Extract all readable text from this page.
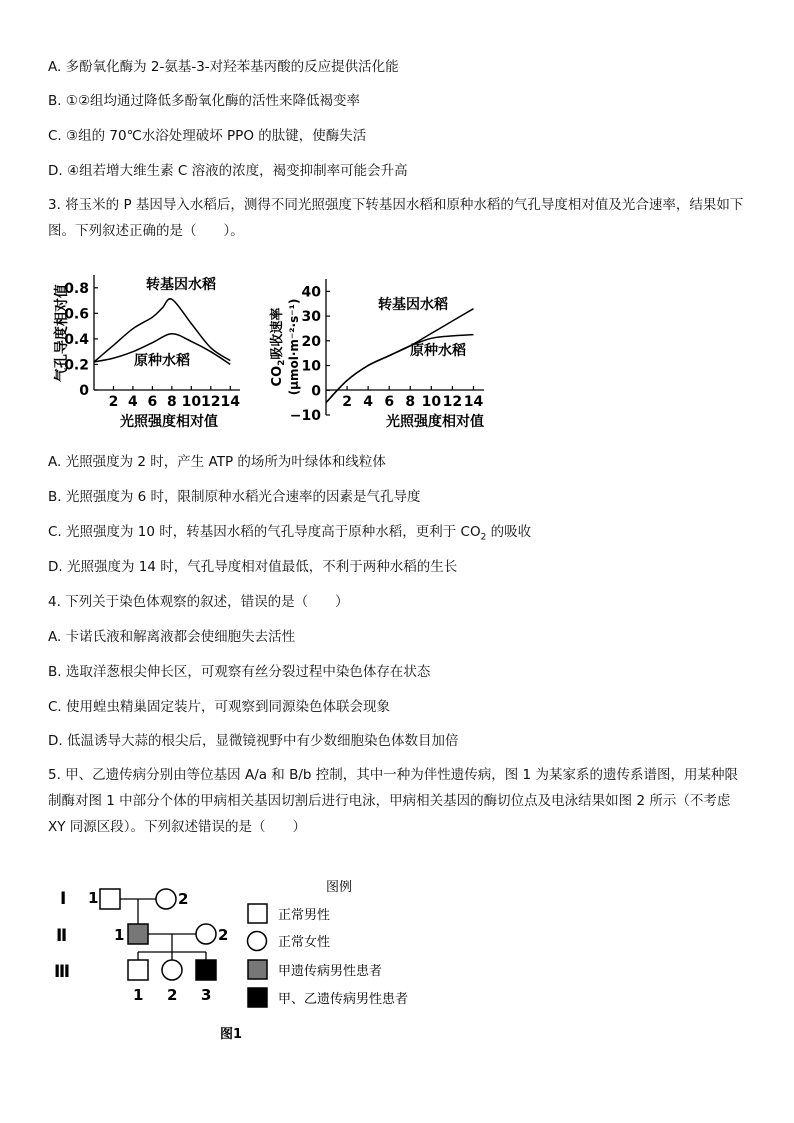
A. 多酚氧化酶为 2-氨基-3-对羟苯基丙酸的反应提供活化能
B. ①②组均通过降低多酚氧化酶的活性来降低褐变率
C. ③组的 70℃水浴处理破坏 PPO 的肽键，使酶失活
D. ④组若增大维生素 C 溶液的浓度，褐变抑制率可能会升高
3. 将玉米的 P 基因导入水稻后，测得不同光照强度下转基因水稻和原种水稻的气孔导度相对值及光合速率，结果如下图。下列叙述正确的是（　　）。
气孔导度相对值
0
0.2
0.4
0.6
0.8
2 4 6 8 10 12 14
转基因水稻
原种水稻
光照强度相对值
$CO_2$吸收速率 (μmol·m⁻²·s⁻¹)
−10
0
10
20
30
40
2 4 6 8 10 12 14
转基因水稻
原种水稻
光照强度相对值
A. 光照强度为 2 时，产生 ATP 的场所为叶绿体和线粒体
B. 光照强度为 6 时，限制原种水稻光合速率的因素是气孔导度
C. 光照强度为 10 时，转基因水稻的气孔导度高于原种水稻，更利于 $CO_2$ 的吸收
D. 光照强度为 14 时，气孔导度相对值最低，不利于两种水稻的生长
4. 下列关于染色体观察的叙述，错误的是（　　）
A. 卡诺氏液和解离液都会使细胞失去活性
B. 选取洋葱根尖伸长区，可观察有丝分裂过程中染色体存在状态
C. 使用蝗虫精巢固定装片，可观察到同源染色体联会现象
D. 低温诱导大蒜的根尖后，显微镜视野中有少数细胞染色体数目加倍
5. 甲、乙遗传病分别由等位基因 A/a 和 B/b 控制，其中一种为伴性遗传病，图 1 为某家系的遗传系谱图，用某种限制酶对图 1 中部分个体的甲病相关基因切割后进行电泳，甲病相关基因的酶切位点及电泳结果如图 2 所示（不考虑 XY 同源区段）。下列叙述错误的是（　　）
Ⅰ
Ⅱ
Ⅲ
1	2
1	2
1 2 3
图例
正常男性
正常女性
甲遗传病男性患者
甲、乙遗传病男性患者
图1
